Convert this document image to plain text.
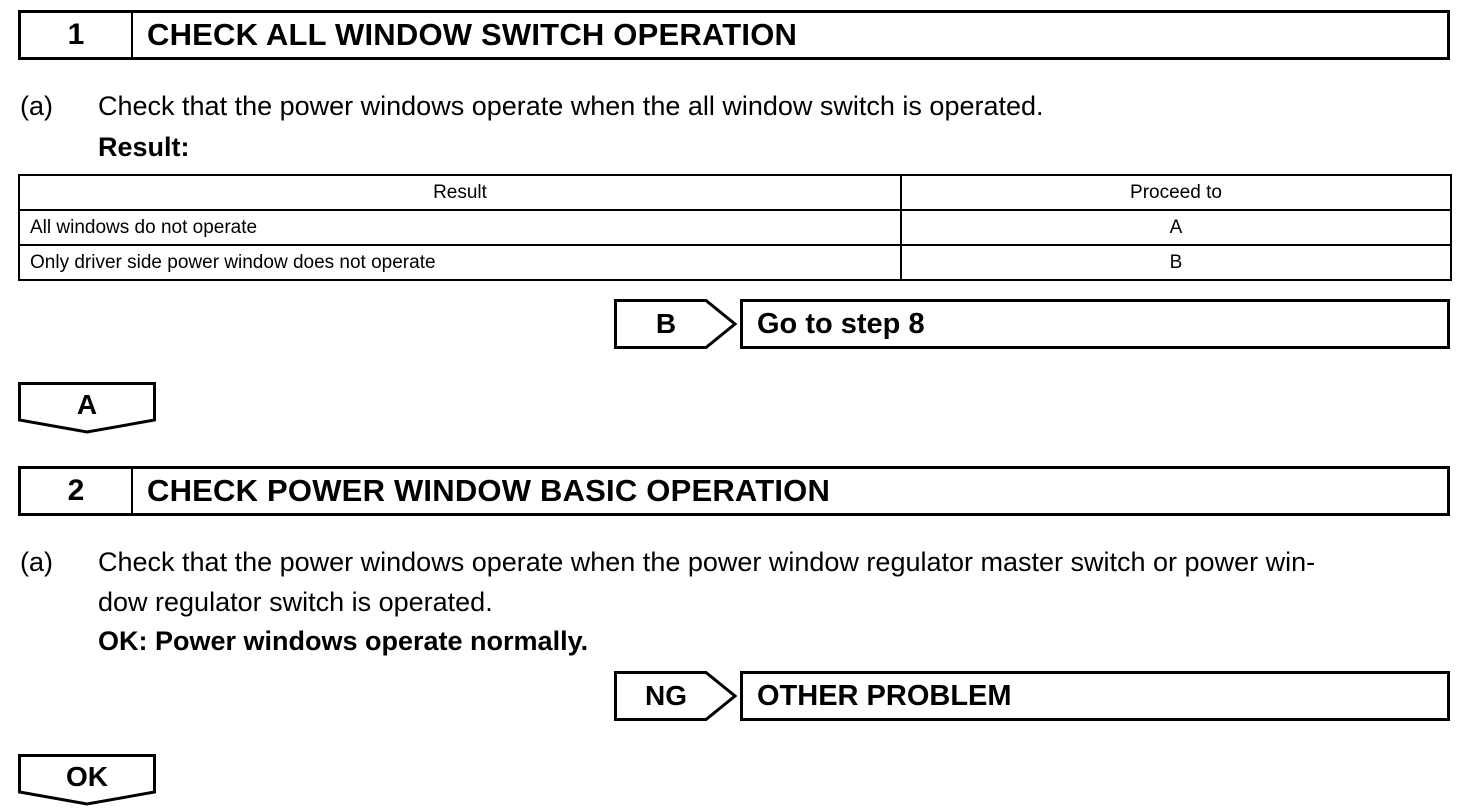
1	CHECK ALL WINDOW SWITCH OPERATION
(a) Check that the power windows operate when the all window switch is operated.
Result:
Result	Proceed to
All windows do not operate	A
Only driver side power window does not operate	B
B	Go to step 8
A
2	CHECK POWER WINDOW BASIC OPERATION
(a) Check that the power windows operate when the power window regulator master switch or power win-
dow regulator switch is operated.
OK: Power windows operate normally.
NG	OTHER PROBLEM
OK
